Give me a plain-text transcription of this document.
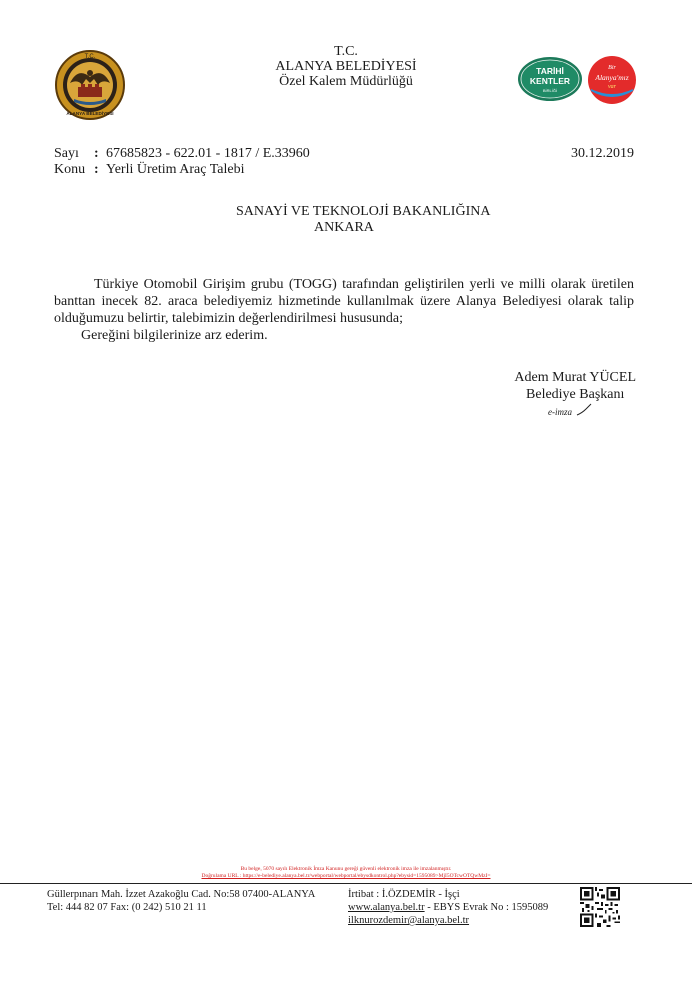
T.C.
ALANYA BELEDİYESİ
T.C.
ALANYA BELEDİYESİ
Özel Kalem Müdürlüğü
TARİHİ
KENTLER
BİRLİĞİ
Bir
Alanya'mız
var
Sayı : 67685823 - 622.01 - 1817 / E.33960
Konu : Yerli Üretim Araç Talebi
30.12.2019
SANAYİ VE TEKNOLOJİ BAKANLIĞINA
ANKARA

Türkiye Otomobil Girişim grubu (TOGG) tarafından geliştirilen yerli ve milli olarak üretilen banttan inecek 82. araca belediyemiz hizmetinde kullanılmak üzere Alanya Belediyesi olarak talip olduğumuzu belirtir, talebimizin değerlendirilmesi hususunda;

Gereğini bilgilerinize arz ederim.

Adem Murat YÜCEL
Belediye Başkanı
e-imza
Bu belge, 5070 sayılı Elektronik İmza Kanunu gereği güvenli elektronik imza ile imzalanmıştır.
Doğrulama URL : https://e-belediye.alanya.bel.tr/webportal/webportal/ebysdkontrol.php?ebysid=1595089>MjI5OTcwOTQwMzI=
Güllerpınarı Mah. İzzet Azakoğlu Cad. No:58 07400-ALANYA
Tel: 444 82 07 Fax: (0 242) 510 21 11
İrtibat : İ.ÖZDEMİR - İşçi
www.alanya.bel.tr - EBYS Evrak No : 1595089
ilknurozdemir@alanya.bel.tr
